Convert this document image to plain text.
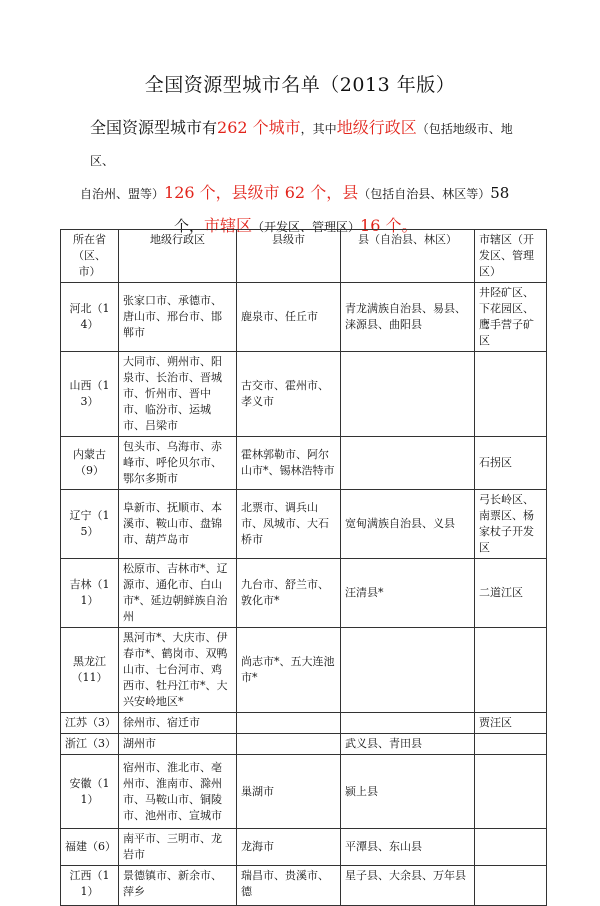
全国资源型城市名单（2013 年版）

全国资源型城市有262 个城市，其中地级行政区（包括地级市、地区、

自治州、盟等）126 个，县级市 62 个，县（包括自治县、林区等）58

个，市辖区（开发区、管理区）16 个。

所在省（区、市）	地级行政区	县级市	县（自治县、林区）	市辖区（开发区、管理区）
河北（14）	张家口市、承德市、唐山市、邢台市、邯郸市	鹿泉市、任丘市	青龙满族自治县、易县、涞源县、曲阳县	井陉矿区、下花园区、鹰手营子矿区
山西（13）	大同市、朔州市、阳泉市、长治市、晋城市、忻州市、晋中市、临汾市、运城市、吕梁市	古交市、霍州市、孝义市		
内蒙古（9）	包头市、乌海市、赤峰市、呼伦贝尔市、鄂尔多斯市	霍林郭勒市、阿尔山市*、锡林浩特市		石拐区
辽宁（15）	阜新市、抚顺市、本溪市、鞍山市、盘锦市、葫芦岛市	北票市、调兵山市、凤城市、大石桥市	宽甸满族自治县、义县	弓长岭区、南票区、杨家杖子开发区
吉林（11）	松原市、吉林市*、辽源市、通化市、白山市*、延边朝鲜族自治州	九台市、舒兰市、敦化市*	汪清县*	二道江区
黑龙江（11）	黑河市*、大庆市、伊春市*、鹤岗市、双鸭山市、七台河市、鸡西市、牡丹江市*、大兴安岭地区*	尚志市*、五大连池市*		
江苏（3）	徐州市、宿迁市			贾汪区
浙江（3）	湖州市		武义县、青田县	
安徽（11）	宿州市、淮北市、亳州市、淮南市、滁州市、马鞍山市、铜陵市、池州市、宣城市	巢湖市	颍上县	
福建（6）	南平市、三明市、龙岩市	龙海市	平潭县、东山县	
江西（11）	景德镇市、新余市、萍乡	瑞昌市、贵溪市、德	星子县、大余县、万年县	
